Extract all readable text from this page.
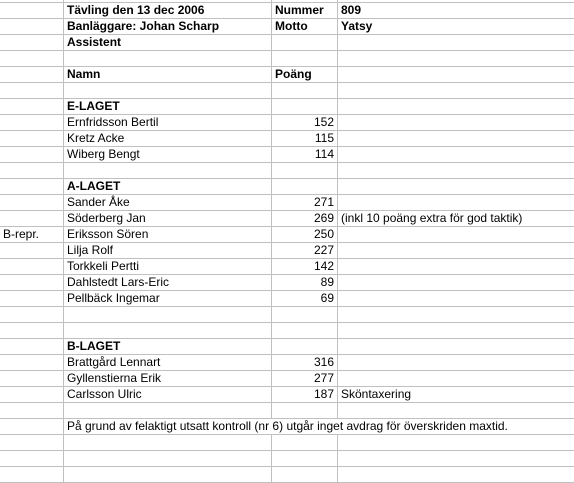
Tävling den 13 dec 2006	Nummer	809
Banläggare: Johan Scharp	Motto	Yatsy
Assistent
Namn	Poäng
E-LAGET
Ernfridsson Bertil	152
Kretz Acke	115
Wiberg Bengt	114
A-LAGET
Sander Åke	271
Söderberg Jan	269 (inkl 10 poäng extra för god taktik)
B-repr.	Eriksson Sören	250
Lilja Rolf	227
Torkkeli Pertti	142
Dahlstedt Lars-Eric	89
Pellbäck Ingemar	69
B-LAGET
Brattgård Lennart	316
Gyllenstierna Erik	277
Carlsson Ulric	187 Sköntaxering
På grund av felaktigt utsatt kontroll (nr 6) utgår inget avdrag för överskriden maxtid.
